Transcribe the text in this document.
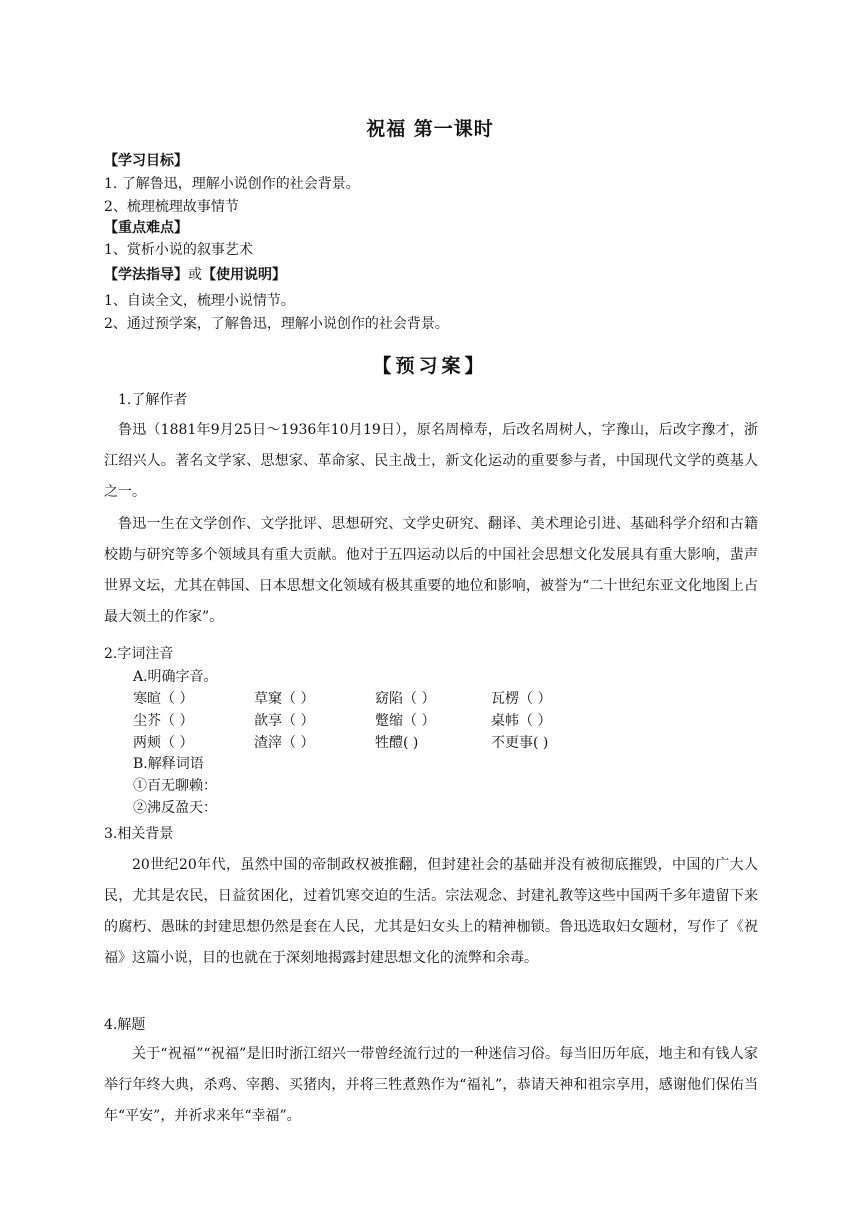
祝福 第一课时
【学习目标】
1. 了解鲁迅，理解小说创作的社会背景。
2、梳理梳理故事情节
【重点难点】
1、赏析小说的叙事艺术
【学法指导】或【使用说明】
1、自读全文，梳理小说情节。
2、通过预学案，了解鲁迅，理解小说创作的社会背景。
【预习案】
1.了解作者
鲁迅（1881年9月25日～1936年10月19日），原名周樟寿，后改名周树人，字豫山，后改字豫才，浙江绍兴人。著名文学家、思想家、革命家、民主战士，新文化运动的重要参与者，中国现代文学的奠基人之一。
鲁迅一生在文学创作、文学批评、思想研究、文学史研究、翻译、美术理论引进、基础科学介绍和古籍校勘与研究等多个领域具有重大贡献。他对于五四运动以后的中国社会思想文化发展具有重大影响，蜚声世界文坛，尤其在韩国、日本思想文化领域有极其重要的地位和影响，被誉为“二十世纪东亚文化地图上占最大领土的作家”。
2.字词注音
A.明确字音。
寒暄（ ）	草窠（ ）	窈陷（ ）	瓦楞（ ）
尘芥（ ）	歆享（ ）	蹩缩（ ）	桌帏（ ）
两颊（ ）	渣滓（ ）	牲醴( )	不更事( )
B.解释词语
①百无聊赖：
②沸反盈天：
3.相关背景
20世纪20年代，虽然中国的帝制政权被推翻，但封建社会的基础并没有被彻底摧毁，中国的广大人民，尤其是农民，日益贫困化，过着饥寒交迫的生活。宗法观念、封建礼教等这些中国两千多年遗留下来的腐朽、愚昧的封建思想仍然是套在人民，尤其是妇女头上的精神枷锁。鲁迅选取妇女题材，写作了《祝福》这篇小说，目的也就在于深刻地揭露封建思想文化的流弊和余毒。
4.解题
关于“祝福”“祝福”是旧时浙江绍兴一带曾经流行过的一种迷信习俗。每当旧历年底，地主和有钱人家举行年终大典，杀鸡、宰鹅、买猪肉，并将三牲煮熟作为“福礼”，恭请天神和祖宗享用，感谢他们保佑当年“平安”，并祈求来年“幸福”。
